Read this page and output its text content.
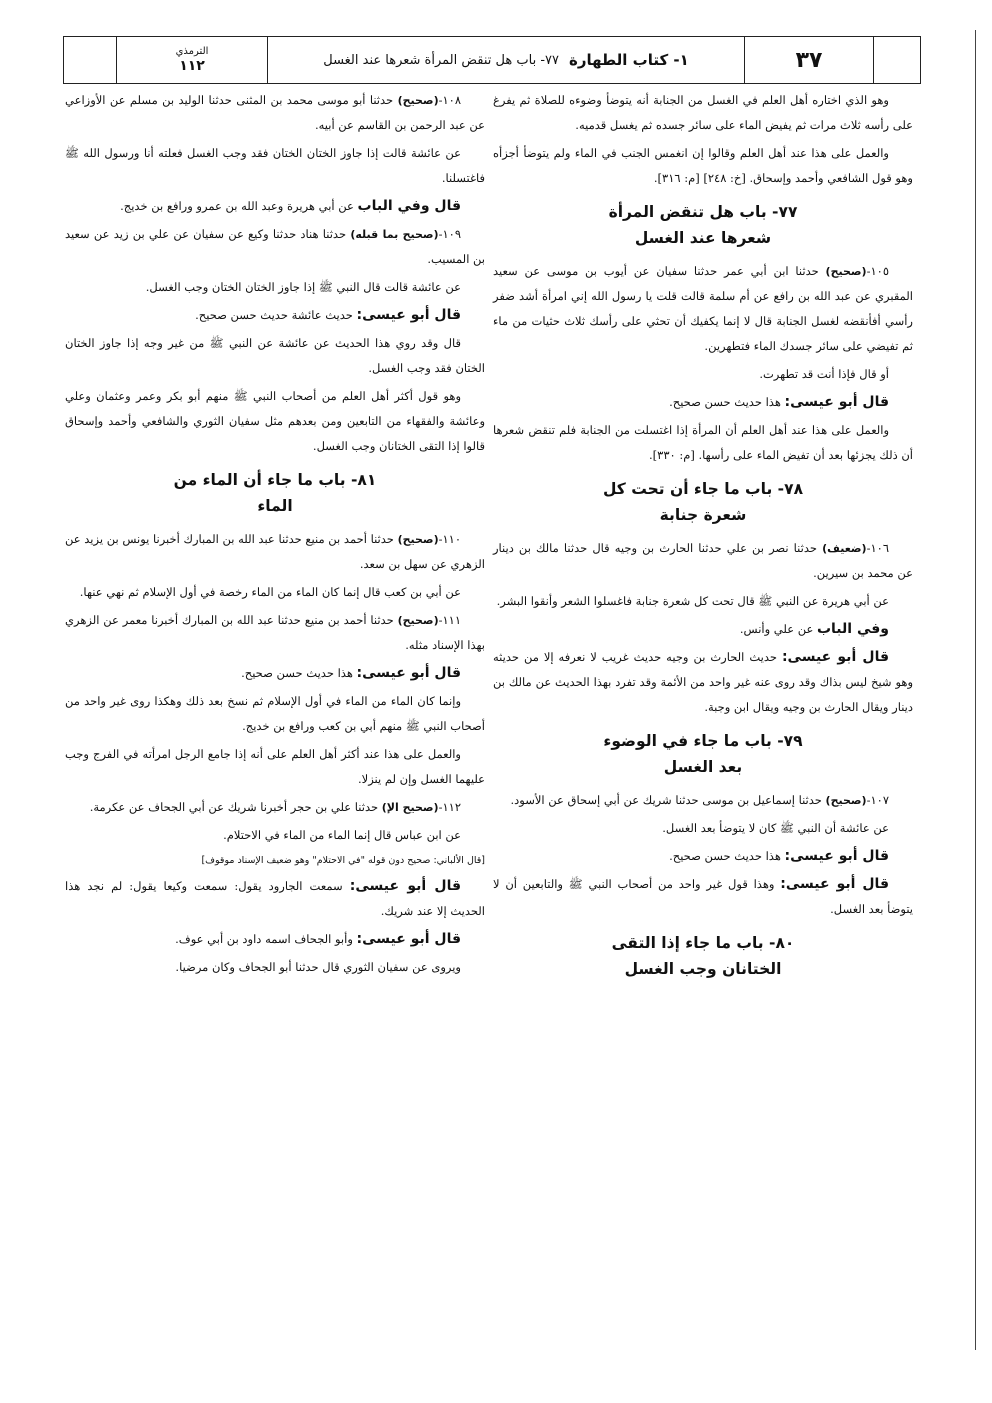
الترمذي
١١٢	١- كتاب الطهارة
٧٧- باب هل تنقض المرأة شعرها عند الغسل	٣٧

وهو الذي اختاره أهل العلم في الغسل من الجنابة أنه يتوضأ وضوءه للصلاة ثم يفرغ على رأسه ثلاث مرات ثم يفيض الماء على سائر جسده ثم يغسل قدميه.

والعمل على هذا عند أهل العلم وقالوا إن انغمس الجنب في الماء ولم يتوضأ أجزأه وهو قول الشافعي وأحمد وإسحاق. [خ: ٢٤٨] [م: ٣١٦].

٧٧- باب هل تنقض المرأة
شعرها عند الغسل

١٠٥-(صحيح) حدثنا ابن أبي عمر حدثنا سفيان عن أيوب بن موسى عن سعيد المقبري عن عبد الله بن رافع عن أم سلمة قالت قلت يا رسول الله إني امرأة أشد ضفر رأسي أفأنقضه لغسل الجنابة قال لا إنما يكفيك أن تحثي على رأسك ثلاث حثيات من ماء ثم تفيضي على سائر جسدك الماء فتطهرين.

أو قال فإذا أنت قد تطهرت.

قال أبو عيسى: هذا حديث حسن صحيح.

والعمل على هذا عند أهل العلم أن المرأة إذا اغتسلت من الجنابة فلم تنقض شعرها أن ذلك يجزئها بعد أن تفيض الماء على رأسها. [م: ٣٣٠].

٧٨- باب ما جاء أن تحت كل
شعرة جنابة

١٠٦-(ضعيف) حدثنا نصر بن علي حدثنا الحارث بن وجيه قال حدثنا مالك بن دينار عن محمد بن سيرين.

عن أبي هريرة عن النبي ﷺ قال تحت كل شعرة جنابة فاغسلوا الشعر وأنقوا البشر.

وفي الباب عن علي وأنس.

قال أبو عيسى: حديث الحارث بن وجيه حديث غريب لا نعرفه إلا من حديثه وهو شيخ ليس بذاك وقد روى عنه غير واحد من الأئمة وقد تفرد بهذا الحديث عن مالك بن دينار ويقال الحارث بن وجيه ويقال ابن وجبة.

٧٩- باب ما جاء في الوضوء
بعد الغسل

١٠٧-(صحيح) حدثنا إسماعيل بن موسى حدثنا شريك عن أبي إسحاق عن الأسود.

عن عائشة أن النبي ﷺ كان لا يتوضأ بعد الغسل.

قال أبو عيسى: هذا حديث حسن صحيح.

قال أبو عيسى: وهذا قول غير واحد من أصحاب النبي ﷺ والتابعين أن لا يتوضأ بعد الغسل.

٨٠- باب ما جاء إذا التقى
الختانان وجب الغسل

١٠٨-(صحيح) حدثنا أبو موسى محمد بن المثنى حدثنا الوليد بن مسلم عن الأوزاعي عن عبد الرحمن بن القاسم عن أبيه.

عن عائشة قالت إذا جاوز الختان الختان فقد وجب الغسل فعلته أنا ورسول الله ﷺ فاغتسلنا.

قال وفي الباب عن أبي هريرة وعبد الله بن عمرو ورافع بن خديج.

١٠٩-(صحيح بما قبله) حدثنا هناد حدثنا وكيع عن سفيان عن علي بن زيد عن سعيد بن المسيب.

عن عائشة قالت قال النبي ﷺ إذا جاوز الختان الختان وجب الغسل.

قال أبو عيسى: حديث عائشة حديث حسن صحيح.

قال وقد روي هذا الحديث عن عائشة عن النبي ﷺ من غير وجه إذا جاوز الختان الختان فقد وجب الغسل.

وهو قول أكثر أهل العلم من أصحاب النبي ﷺ منهم أبو بكر وعمر وعثمان وعلي وعائشة والفقهاء من التابعين ومن بعدهم مثل سفيان الثوري والشافعي وأحمد وإسحاق قالوا إذا التقى الختانان وجب الغسل.

٨١- باب ما جاء أن الماء من
الماء

١١٠-(صحيح) حدثنا أحمد بن منيع حدثنا عبد الله بن المبارك أخبرنا يونس بن يزيد عن الزهري عن سهل بن سعد.

عن أبي بن كعب قال إنما كان الماء من الماء رخصة في أول الإسلام ثم نهي عنها.

١١١-(صحيح) حدثنا أحمد بن منيع حدثنا عبد الله بن المبارك أخبرنا معمر عن الزهري بهذا الإسناد مثله.

قال أبو عيسى: هذا حديث حسن صحيح.

وإنما كان الماء من الماء في أول الإسلام ثم نسخ بعد ذلك وهكذا روى غير واحد من أصحاب النبي ﷺ منهم أبي بن كعب ورافع بن خديج.

والعمل على هذا عند أكثر أهل العلم على أنه إذا جامع الرجل امرأته في الفرج وجب عليهما الغسل وإن لم ينزلا.

١١٢-(صحيح الإ) حدثنا علي بن حجر أخبرنا شريك عن أبي الجحاف عن عكرمة.

عن ابن عباس قال إنما الماء من الماء في الاحتلام.

[قال الألباني: صحيح دون قوله "في الاحتلام" وهو ضعيف الإسناد موقوف]

قال أبو عيسى: سمعت الجارود يقول: سمعت وكيعا يقول: لم نجد هذا الحديث إلا عند شريك.

قال أبو عيسى: وأبو الجحاف اسمه داود بن أبي عوف.

ويروى عن سفيان الثوري قال حدثنا أبو الجحاف وكان مرضيا.
